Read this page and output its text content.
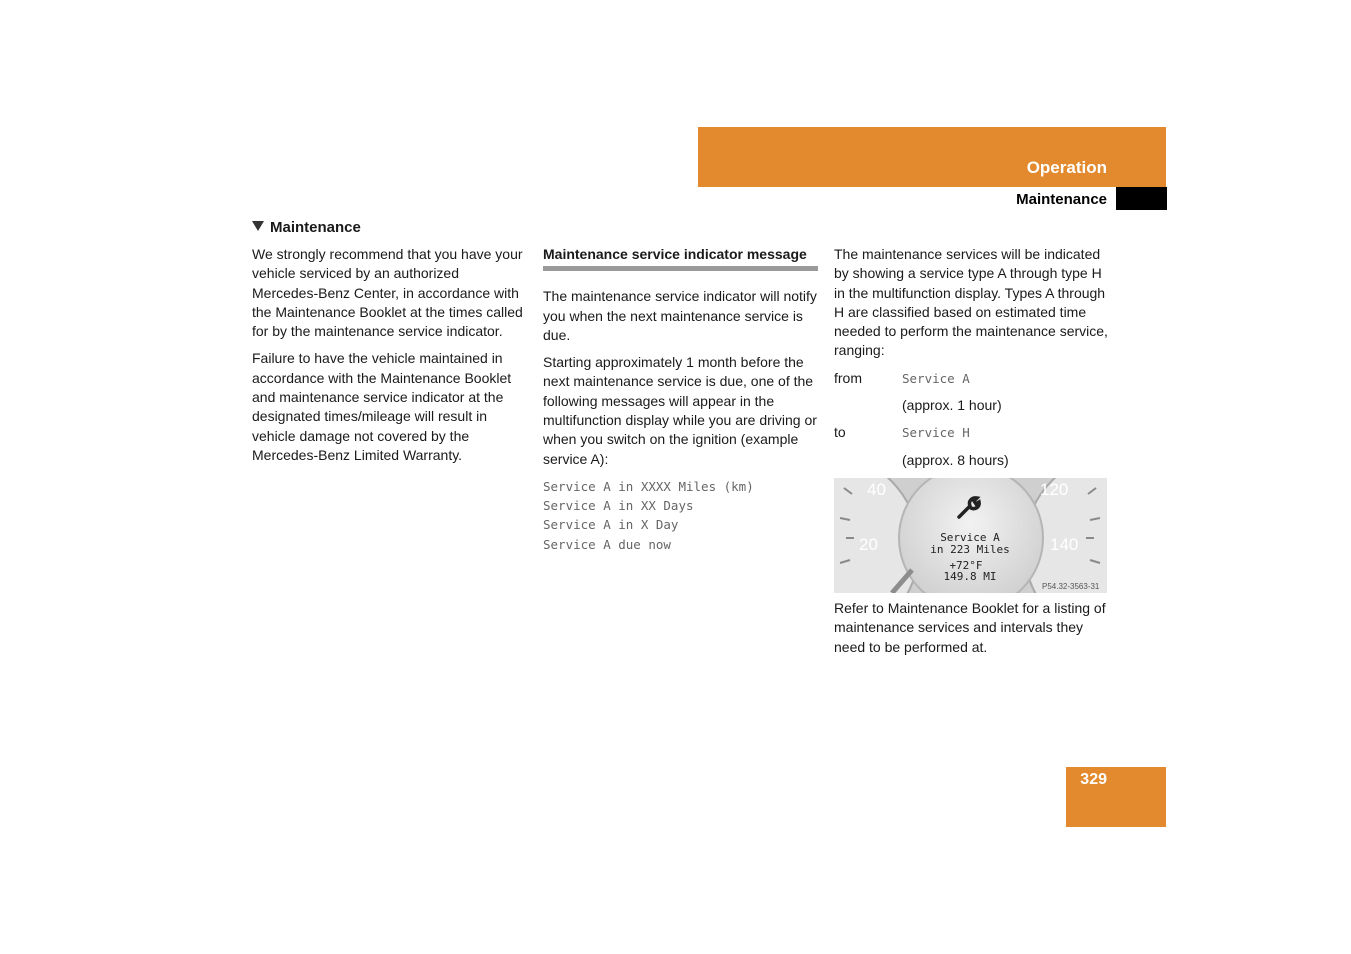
Operation
Maintenance
Maintenance

We strongly recommend that you have your vehicle serviced by an authorized Mercedes-Benz Center, in accordance with the Maintenance Booklet at the times called for by the maintenance service indicator.

Failure to have the vehicle maintained in accordance with the Maintenance Booklet and maintenance service indicator at the designated times/mileage will result in vehicle damage not covered by the Mercedes-Benz Limited Warranty.

Maintenance service indicator message

The maintenance service indicator will notify you when the next maintenance service is due.

Starting approximately 1 month before the next maintenance service is due, one of the following messages will appear in the multifunction display while you are driving or when you switch on the ignition (example service A):

Service A in XXXX Miles (km)
Service A in XX Days
Service A in X Day
Service A due now

The maintenance services will be indicated by showing a service type A through type H in the multifunction display. Types A through H are classified based on estimated time needed to perform the maintenance service, ranging:

from	Service A
(approx. 1 hour)
to	Service H
(approx. 8 hours)
40
20
120
140
Service A
in 223 Miles
+72°F
149.8 MI
P54.32-3563-31

Refer to Maintenance Booklet for a listing of maintenance services and intervals they need to be performed at.

329
